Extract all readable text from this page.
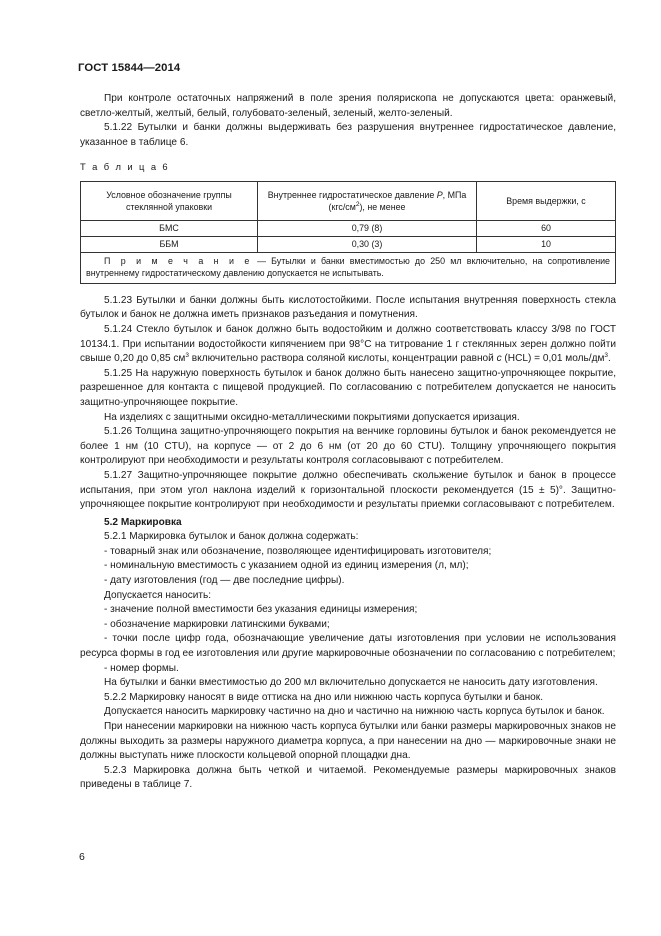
ГОСТ 15844—2014

При контроле остаточных напряжений в поле зрения полярископа не допускаются цвета: оранжевый, светло-желтый, желтый, белый, голубовато-зеленый, зеленый, желто-зеленый.

5.1.22 Бутылки и банки должны выдерживать без разрушения внутреннее гидростатическое давление, указанное в таблице 6.

Т а б л и ц а 6
Условное обозначение группы стеклянной упаковки	Внутреннее гидростатическое давление P, МПа $(кгс/см^2)$, не менее	Время выдержки, с
БМС	0,79 (8)	60
ББМ	0,30 (3)	10
П р и м е ч а н и е — Бутылки и банки вместимостью до 250 мл включительно, на сопротивление внутреннему гидростатическому давлению допускается не испытывать.		

5.1.23 Бутылки и банки должны быть кислотостойкими. После испытания внутренняя поверхность стекла бутылок и банок не должна иметь признаков разъедания и помутнения.

5.1.24 Стекло бутылок и банок должно быть водостойким и должно соответствовать классу 3/98 по ГОСТ 10134.1. При испытании водостойкости кипячением при 98°С на титрование 1 г стеклянных зерен должно пойти свыше 0,20 до 0,85 $см^3$ включительно раствора соляной кислоты, концентрации равной c (HCL) = 0,01 моль/$дм^3$.

5.1.25 На наружную поверхность бутылок и банок должно быть нанесено защитно-упрочняющее покрытие, разрешенное для контакта с пищевой продукцией. По согласованию с потребителем допускается не наносить защитно-упрочняющее покрытие.

На изделиях с защитными оксидно-металлическими покрытиями допускается иризация.

5.1.26 Толщина защитно-упрочняющего покрытия на венчике горловины бутылок и банок рекомендуется не более 1 нм (10 CTU), на корпусе — от 2 до 6 нм (от 20 до 60 CTU). Толщину упрочняющего покрытия контролируют при необходимости и результаты контроля согласовывают с потребителем.

5.1.27 Защитно-упрочняющее покрытие должно обеспечивать скольжение бутылок и банок в процессе испытания, при этом угол наклона изделий к горизонтальной плоскости рекомендуется (15 ± 5)°. Защитно-упрочняющее покрытие контролируют при необходимости и результаты приемки согласовывают с потребителем.

5.2 Маркировка

5.2.1 Маркировка бутылок и банок должна содержать:

- товарный знак или обозначение, позволяющее идентифицировать изготовителя;

- номинальную вместимость с указанием одной из единиц измерения (л, мл);

- дату изготовления (год — две последние цифры).

Допускается наносить:

- значение полной вместимости без указания единицы измерения;

- обозначение маркировки латинскими буквами;

- точки после цифр года, обозначающие увеличение даты изготовления при условии не использования ресурса формы в год ее изготовления или другие маркировочные обозначении по согласованию с потребителем;

- номер формы.

На бутылки и банки вместимостью до 200 мл включительно допускается не наносить дату изготовления.

5.2.2 Маркировку наносят в виде оттиска на дно или нижнюю часть корпуса бутылки и банок.

Допускается наносить маркировку частично на дно и частично на нижнюю часть корпуса бутылок и банок.

При нанесении маркировки на нижнюю часть корпуса бутылки или банки размеры маркировочных знаков не должны выходить за размеры наружного диаметра корпуса, а при нанесении на дно — маркировочные знаки не должны выступать ниже плоскости кольцевой опорной площадки дна.

5.2.3 Маркировка должна быть четкой и читаемой. Рекомендуемые размеры маркировочных знаков приведены в таблице 7.

6
